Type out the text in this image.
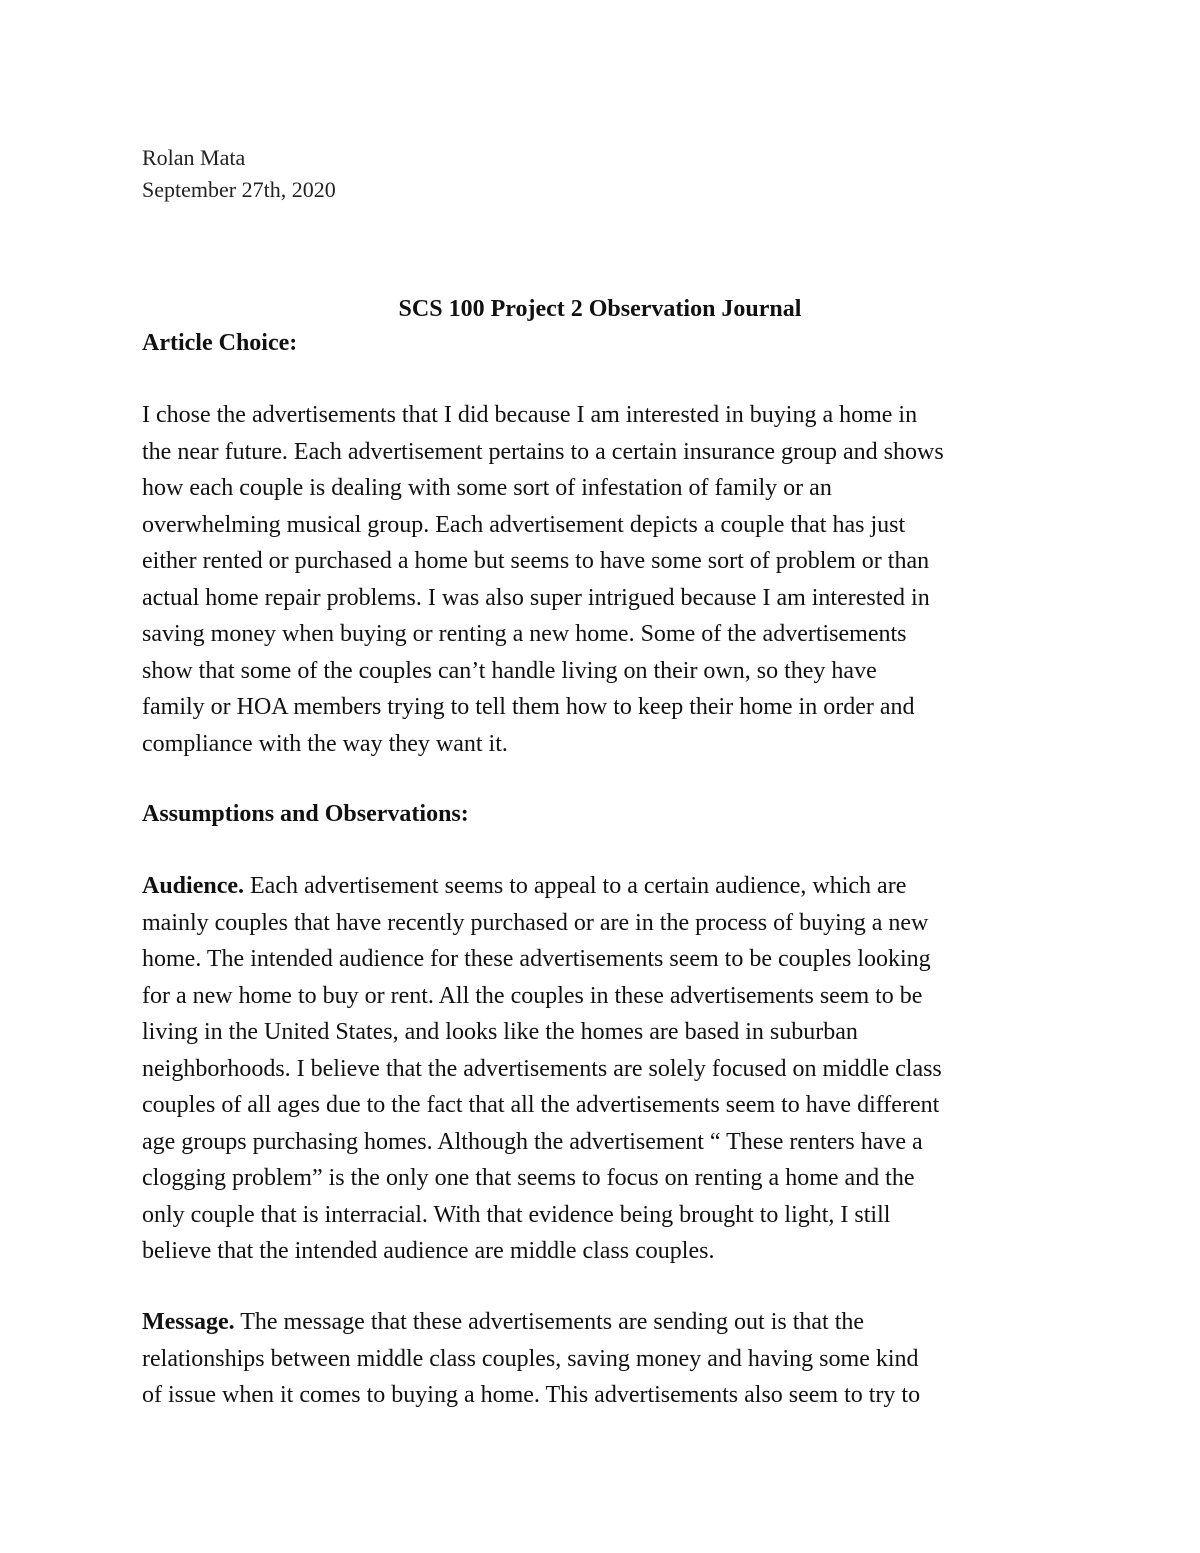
Rolan Mata
September 27th, 2020
SCS 100 Project 2 Observation Journal
Article Choice:
I chose the advertisements that I did because I am interested in buying a home in
the near future. Each advertisement pertains to a certain insurance group and shows
how each couple is dealing with some sort of infestation of family or an
overwhelming musical group. Each advertisement depicts a couple that has just
either rented or purchased a home but seems to have some sort of problem or than
actual home repair problems. I was also super intrigued because I am interested in
saving money when buying or renting a new home. Some of the advertisements
show that some of the couples can’t handle living on their own, so they have
family or HOA members trying to tell them how to keep their home in order and
compliance with the way they want it.
Assumptions and Observations:
Audience. Each advertisement seems to appeal to a certain audience, which are
mainly couples that have recently purchased or are in the process of buying a new
home. The intended audience for these advertisements seem to be couples looking
for a new home to buy or rent. All the couples in these advertisements seem to be
living in the United States, and looks like the homes are based in suburban
neighborhoods. I believe that the advertisements are solely focused on middle class
couples of all ages due to the fact that all the advertisements seem to have different
age groups purchasing homes. Although the advertisement “ These renters have a
clogging problem” is the only one that seems to focus on renting a home and the
only couple that is interracial. With that evidence being brought to light, I still
believe that the intended audience are middle class couples.
Message. The message that these advertisements are sending out is that the
relationships between middle class couples, saving money and having some kind
of issue when it comes to buying a home. This advertisements also seem to try to
